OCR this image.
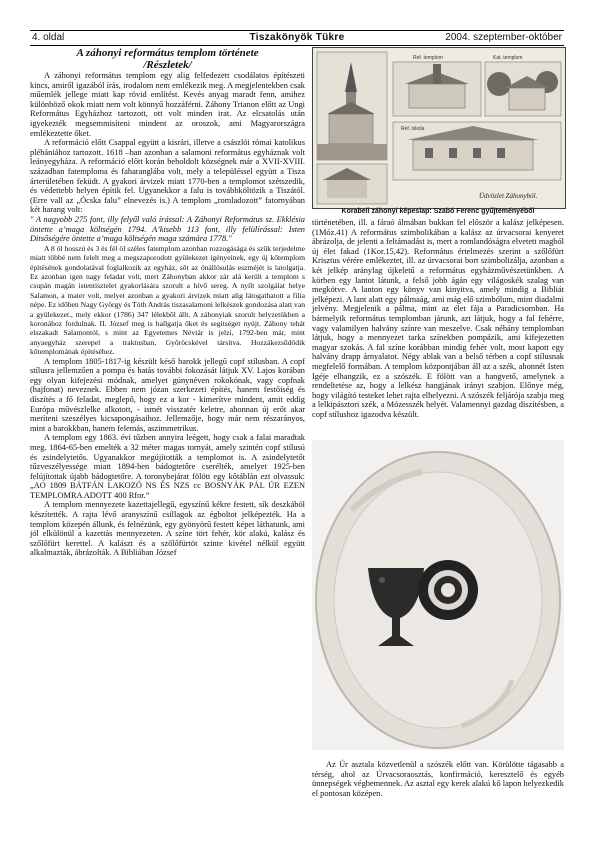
4. oldal	Tiszakönyök Tükre	2004. szeptember-október

A záhonyi református templom története
/Részletek/

A záhonyi református templom egy alig felfedezett csodálatos építészeti kincs, amiről igazából írás, irodalom nem emlékezik meg. A megjelentekben csak műemlék jellege miatt kap rövid említést. Kevés anyag maradt fenn, amihez különböző okok miatt nem volt könnyű hozzáférni. Záhony Trianon előtt az Ungi Református Egyházhoz tartozott, ott volt minden irat. Az elcsatolás után igyekezték megsemmisíteni mindent az oroszok, ami Magyarországra emlékeztette őket.

A reformáció előtt Csappal együtt a kisrári, illetve a császlói római katolikus plébániához tartozott. 1618 –ban azonban a salamoni református egyháznak volt leányegyháza. A reformáció előtt korán beholdolt községnek már a XVII-XVIII. században fatemploma és faharanglába volt, mely a településsel együtt a Tisza árterületében feküdt. A gyakori árvizek miatt 1770-ben a templomot szétszedik, és védettebb helyen építik fel. Ugyanekkor a falu is továbbköltözik a Tiszától. (Erre vall az „Ócska falu” elnevezés is.) A templom „romladozott” fatornyában két harang volt:

" A nagyobb 275 font, illy felyűl való írással: A Záhonyi Református sz. Ekklésia öntette a’maga költségén 1794. A’kisebb 113 font, illy felülírással: Isten Ditsőségére öntette a’maga költségén maga számára 1778."

A 8 öl hosszú és 3 és fél öl széles fatemplom azonban rozzogásága és szűk terjedelme miatt többé nem felelt meg a megszaporodott gyülekezet igényeinek, egy új kőtemplom építésének gondolatával foglalkozik az egyház, sőt az önállósulás eszméjét is latolgatja. Ez azonban igen nagy feladat volt, mert Záhonyban akkor zár alá került a templom s csupán magán istentisztelet gyakorlására szorult a hívő sereg. A nyílt szolgálat helye Salamon, a mater volt, melyet azonban a gyakori árvizek miatt alig látogathatott a filia népe. Ez időben Nagy György és Tóth András tiszasalamoni lelkészek gondozása alatt van a gyülekezet., mely ekkor (1786) 347 lélekből állt. A záhonyiak szorult helyzetükben a koronához fordulnak. II. József meg is hallgatja őket és segítséget nyújt. Záhony tehát elszakadt Salamontól, s mint az Egyetemes Névtár is jelzi, 1792-ben már, mint anyaegyház szerepel a traktusban, Győröcskével társítva. Hozzákezsűdődik kőtemplomának építéséhez.

A templom 1805-1817-ig készült késő barokk jellegű copf stílusban. A copf stílusra jellemzően a pompa és hatás további fokozását látjuk XV. Lajos korában egy olyan kifejezési módnak, amelyet gúnynéven rokokónak, vagy copfnak (hajfonat) neveznek. Ebben nem józan szerkezeti építés, hanem festőiség és díszítés a fő feladat, meglepő, hogy ez a kor - kimerítve mindent, amit eddig Európa művészlelke alkotott, - ismét visszatér keletre, ahonnan új erőt akar meríteni szeszélyes kicsapongásaihoz. Jellemzője, hogy már nem részarányos, mint a barokkban, hanem felemás, aszimmetrikus.

A templom egy 1863. évi tűzben annyira leégett, hogy csak a falai maradtak meg. 1864-65-ben emelték a 32 méter magas tornyát, amely szintén copf stílusú és zsindelytetős. Ugyanakkor megújították a templomot is. A zsindelytetőt tűzveszélyessége miatt 1894-ben bádogtetőre cserélték, amelyet 1925-ben felújítottak újabb bádogtetőre. A toronybejárat fölött egy kőtáblán ezt olvassuk: „AO 1809 BÁTFÁN LAKOZÓ NS ÉS NZS cc BOSNYÁK PÁL ÚR EZEN TEMPLOMRA ADOTT 400 Rfor.”

A templom mennyezete kazettajellegű, egyszínű kékre festett, sík deszkából készítették. A rajta lévő aranyszínű csillagok az égboltot jelképezték. Ha a templom közepén állunk, és felnézünk, egy gyönyörű festett képet láthatunk, ami jól elkülönül a kazettás mennyezeten. A színe tört fehér, kör alakú, kalász és szőlőfürt kerettel. A kalászt és a szőlőfürtöt szinte kivétel nélkül együtt alkalmazták, ábrázolták. A Bibliában József

Ref. templom	Kat. templom
Ref. iskola
Üdvözlet Záhonyból.
Korabeli záhonyi képeslap: Szabó Ferenc gyűjteményéből

történetében, ill. a fáraó álmában bukkan fel először a kalász jelképesen. (1Móz.41) A református szimbolikában a kalász az úrvacsorai kenyeret ábrázolja, de jelenti a feltámadást is, mert a romlandóságra elvetett magból új élet fakad (1Kor.15,42). Református értelmezés szerint a szőlőfürt Krisztus vérére emlékeztet, ill. az úrvacsorai bort szimbolizálja, azonban a két jelkép aránylag újkeletű a református egyházművészetünkben. A körben egy lantot látunk, a felső jobb ágán egy világoskék szalag van megkötve. A lanton egy könyv van kinyitva, amely mindig a Bibliát jelképezi. A lant alatt egy pálmaág, ami mág elő szimbólum, mint diadalmi jelvény. Megjelenik a pálma, mint az élet fája a Paradicsomban. Ha bármelyik református templomban járunk, azt látjuk, hogy a fal fehérre, vagy valamilyen halvány színre van meszelve. Csak néhány templomban látjuk, hogy a mennyezet tarka színekben pompázik, ami kifejezetten magyar szokás. A fal színe korábban mindig fehér volt, most kapott egy halvány drapp árnyalatot. Négy ablak van a belső térben a copf stílusnak megfelelő formában. A templom központjában áll az a szék, ahonnét Isten Igéje elhangzik, ez a szószék. E fölött van a hangvető, amelynek a rendeltetése az, hogy a lelkész hangjának irányt szabjon. Előnye még, hogy világító testeket lehet rajta elhelyezni. A szószék feljárója szabja meg a lelkipásztori szék, a Mózesszék helyét. Valamennyi gazdag díszítésben, a copf stílushoz igazodva készült.

Az Úr asztala közvetlenül a szószék előtt van. Körülötte tágasabb a térség, ahol az Úrvacsoraosztás, konfirmáció, keresztelő és egyéb ünnepségek végbemennek. Az asztal egy kerek alakú kő lapon helyezkedik el pontosan középen.
